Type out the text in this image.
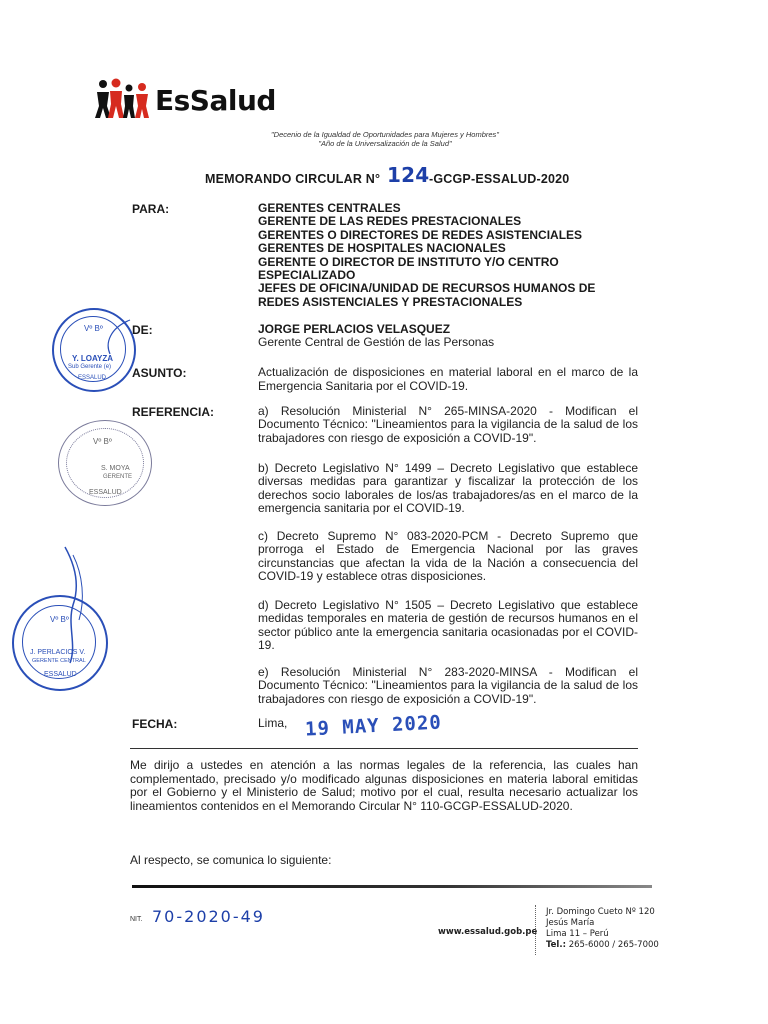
EsSalud
"Decenio de la Igualdad de Oportunidades para Mujeres y Hombres"
"Año de la Universalización de la Salud"
MEMORANDO CIRCULAR N° 124 -GCGP-ESSALUD-2020
PARA:	GERENTES CENTRALES
GERENTE DE LAS REDES PRESTACIONALES
GERENTES O DIRECTORES DE REDES ASISTENCIALES
GERENTES DE HOSPITALES NACIONALES
GERENTE O DIRECTOR DE INSTITUTO Y/O CENTRO
ESPECIALIZADO
JEFES DE OFICINA/UNIDAD DE RECURSOS HUMANOS DE
REDES ASISTENCIALES Y PRESTACIONALES
DE:	JORGE PERLACIOS VELASQUEZ
Gerente Central de Gestión de las Personas
ASUNTO:	Actualización de disposiciones en material laboral en el marco de la Emergencia Sanitaria por el COVID-19.
REFERENCIA:	a) Resolución Ministerial N° 265-MINSA-2020 - Modifican el Documento Técnico: "Lineamientos para la vigilancia de la salud de los trabajadores con riesgo de exposición a COVID-19".
b) Decreto Legislativo N° 1499 – Decreto Legislativo que establece diversas medidas para garantizar y fiscalizar la protección de los derechos socio laborales de los/as trabajadores/as en el marco de la emergencia sanitaria por el COVID-19.
c) Decreto Supremo N° 083-2020-PCM - Decreto Supremo que prorroga el Estado de Emergencia Nacional por las graves circunstancias que afectan la vida de la Nación a consecuencia del COVID-19 y establece otras disposiciones.
d) Decreto Legislativo N° 1505 – Decreto Legislativo que establece medidas temporales en materia de gestión de recursos humanos en el sector público ante la emergencia sanitaria ocasionadas por el COVID-19.
e) Resolución Ministerial N° 283-2020-MINSA - Modifican el Documento Técnico: "Lineamientos para la vigilancia de la salud de los trabajadores con riesgo de exposición a COVID-19".
FECHA:	Lima, 19 MAY 2020
Me dirijo a ustedes en atención a las normas legales de la referencia, las cuales han complementado, precisado y/o modificado algunas disposiciones en materia laboral emitidas por el Gobierno y el Ministerio de Salud; motivo por el cual, resulta necesario actualizar los lineamientos contenidos en el Memorando Circular N° 110-GCGP-ESSALUD-2020.
Al respecto, se comunica lo siguiente:
Vº Bº
Y. LOAYZA
Sub Gerente (e)
ESSALUD
Vº Bº
S. MOYA
GERENTE
ESSALUD
Vº Bº
J. PERLACIOS V.
GERENTE CENTRAL
ESSALUD
NIT. 70-2020-49
www.essalud.gob.pe
Jr. Domingo Cueto Nº 120
Jesús María
Lima 11 – Perú
Tel.: 265-6000 / 265-7000
